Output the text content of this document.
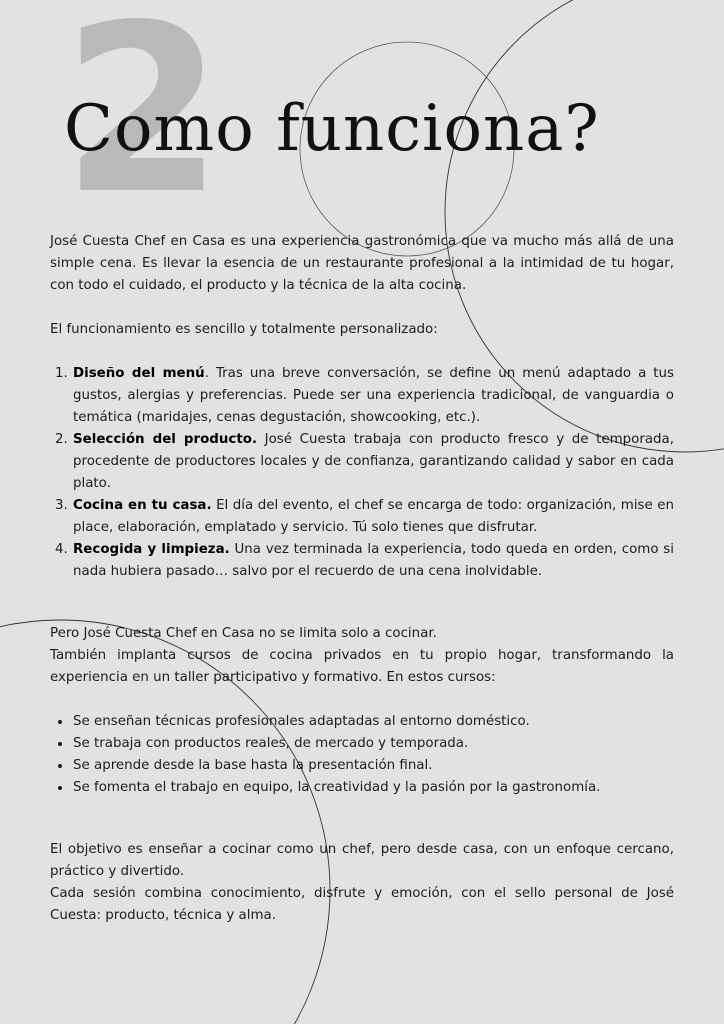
2
Como funciona?

José Cuesta Chef en Casa es una experiencia gastronómica que va mucho más allá de una simple cena. Es llevar la esencia de un restaurante profesional a la intimidad de tu hogar, con todo el cuidado, el producto y la técnica de la alta cocina.

El funcionamiento es sencillo y totalmente personalizado:

1. Diseño del menú. Tras una breve conversación, se define un menú adaptado a tus gustos, alergias y preferencias. Puede ser una experiencia tradicional, de vanguardia o temática (maridajes, cenas degustación, showcooking, etc.).
2. Selección del producto. José Cuesta trabaja con producto fresco y de temporada, procedente de productores locales y de confianza, garantizando calidad y sabor en cada plato.
3. Cocina en tu casa. El día del evento, el chef se encarga de todo: organización, mise en place, elaboración, emplatado y servicio. Tú solo tienes que disfrutar.
4. Recogida y limpieza. Una vez terminada la experiencia, todo queda en orden, como si nada hubiera pasado… salvo por el recuerdo de una cena inolvidable.

Pero José Cuesta Chef en Casa no se limita solo a cocinar.

También implanta cursos de cocina privados en tu propio hogar, transformando la experiencia en un taller participativo y formativo. En estos cursos:

• Se enseñan técnicas profesionales adaptadas al entorno doméstico.
• Se trabaja con productos reales, de mercado y temporada.
• Se aprende desde la base hasta la presentación final.
• Se fomenta el trabajo en equipo, la creatividad y la pasión por la gastronomía.

El objetivo es enseñar a cocinar como un chef, pero desde casa, con un enfoque cercano, práctico y divertido.

Cada sesión combina conocimiento, disfrute y emoción, con el sello personal de José Cuesta: producto, técnica y alma.
